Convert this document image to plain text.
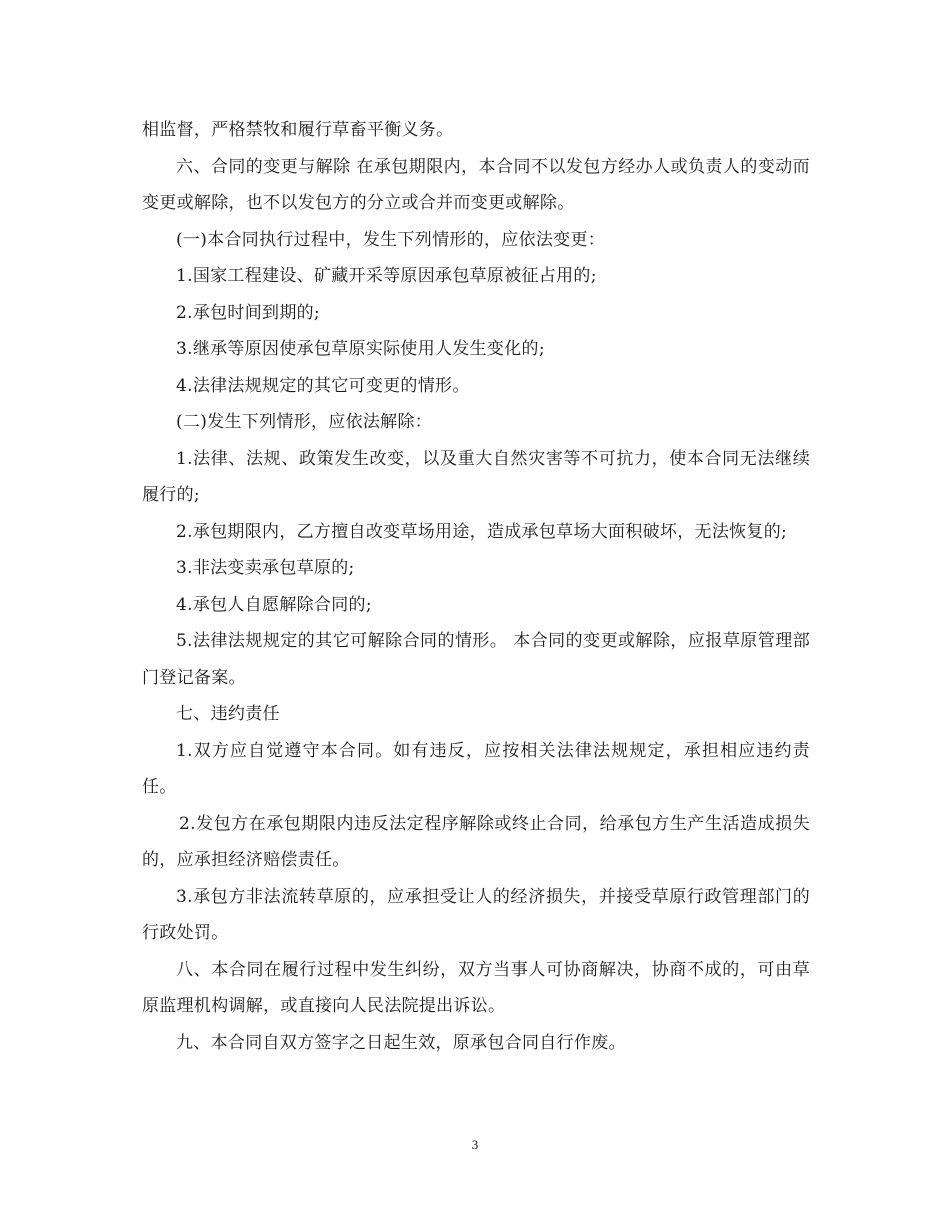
相监督，严格禁牧和履行草畜平衡义务。

六、合同的变更与解除 在承包期限内，本合同不以发包方经办人或负责人的变动而变更或解除，也不以发包方的分立或合并而变更或解除。

(一)本合同执行过程中，发生下列情形的，应依法变更：

1.国家工程建设、矿藏开采等原因承包草原被征占用的;

2.承包时间到期的;

3.继承等原因使承包草原实际使用人发生变化的;

4.法律法规规定的其它可变更的情形。

(二)发生下列情形，应依法解除：

1.法律、法规、政策发生改变，以及重大自然灾害等不可抗力，使本合同无法继续履行的;

2.承包期限内，乙方擅自改变草场用途，造成承包草场大面积破坏，无法恢复的;

3.非法变卖承包草原的;

4.承包人自愿解除合同的;

5.法律法规规定的其它可解除合同的情形。 本合同的变更或解除，应报草原管理部门登记备案。

七、违约责任

1.双方应自觉遵守本合同。如有违反，应按相关法律法规规定，承担相应违约责任。

2.发包方在承包期限内违反法定程序解除或终止合同，给承包方生产生活造成损失的，应承担经济赔偿责任。

3.承包方非法流转草原的，应承担受让人的经济损失，并接受草原行政管理部门的行政处罚。

八、本合同在履行过程中发生纠纷，双方当事人可协商解决，协商不成的，可由草原监理机构调解，或直接向人民法院提出诉讼。

九、本合同自双方签字之日起生效，原承包合同自行作废。

3
